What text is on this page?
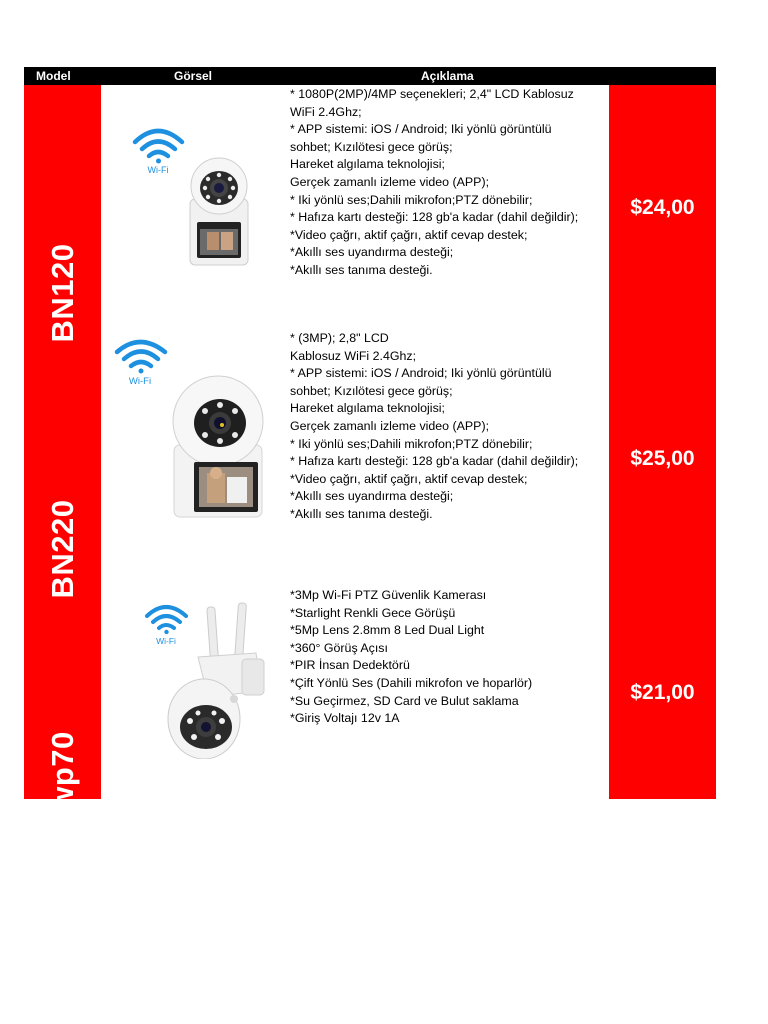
Model	Görsel	Açıklama
BN120
BN220
wp70
$24,00
$25,00
$21,00
* 1080P(2MP)/4MP seçenekleri; 2,4" LCD Kablosuz
WiFi 2.4Ghz;
* APP sistemi: iOS / Android; Iki yönlü görüntülü
sohbet; Kızılötesi gece görüş;
Hareket algılama teknolojisi;
Gerçek zamanlı izleme video (APP);
* Iki yönlü ses;Dahili mikrofon;PTZ dönebilir;
* Hafıza kartı desteği: 128 gb'a kadar (dahil değildir);
*Video çağrı, aktif çağrı, aktif cevap destek;
*Akıllı ses uyandırma desteği;
*Akıllı ses tanıma desteği.
* (3MP); 2,8" LCD
Kablosuz WiFi 2.4Ghz;
* APP sistemi: iOS / Android; Iki yönlü görüntülü
sohbet; Kızılötesi gece görüş;
Hareket algılama teknolojisi;
Gerçek zamanlı izleme video (APP);
* Iki yönlü ses;Dahili mikrofon;PTZ dönebilir;
* Hafıza kartı desteği: 128 gb'a kadar (dahil değildir);
*Video çağrı, aktif çağrı, aktif cevap destek;
*Akıllı ses uyandırma desteği;
*Akıllı ses tanıma desteği.
*3Mp Wi-Fi PTZ Güvenlik Kamerası
*Starlight Renkli Gece Görüşü
*5Mp Lens 2.8mm 8 Led Dual Light
*360° Görüş Açısı
*PIR İnsan Dedektörü
*Çift Yönlü Ses (Dahili mikrofon ve hoparlör)
*Su Geçirmez, SD Card ve Bulut saklama
*Giriş Voltajı 12v 1A
Wi-Fi
Wi-Fi
Wi-Fi
